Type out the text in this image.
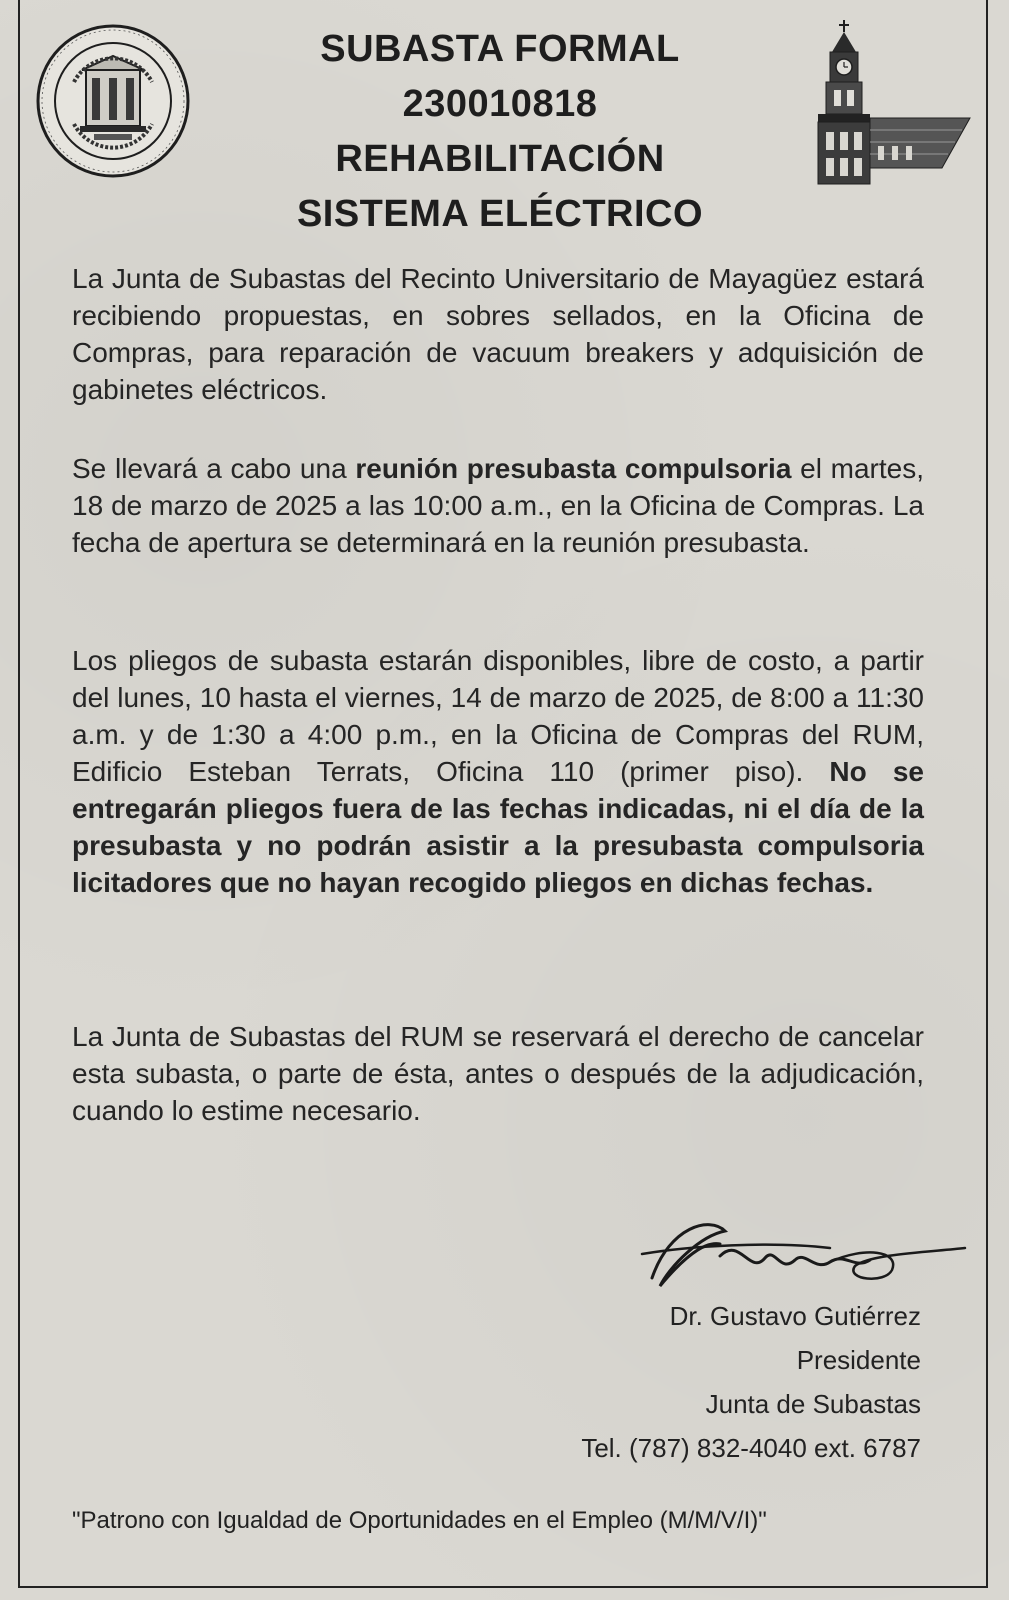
SUBASTA FORMAL
230010818
REHABILITACIÓN
SISTEMA ELÉCTRICO
La Junta de Subastas del Recinto Universitario de Mayagüez estará recibiendo propuestas, en sobres sellados, en la Oficina de Compras, para reparación de vacuum breakers y adquisición de gabinetes eléctricos.
Se llevará a cabo una reunión presubasta compulsoria el martes, 18 de marzo de 2025 a las 10:00 a.m., en la Oficina de Compras. La fecha de apertura se determinará en la reunión presubasta.
Los pliegos de subasta estarán disponibles, libre de costo, a partir del lunes, 10 hasta el viernes, 14 de marzo de 2025, de 8:00 a 11:30 a.m. y de 1:30 a 4:00 p.m., en la Oficina de Compras del RUM, Edificio Esteban Terrats, Oficina 110 (primer piso). No se entregarán pliegos fuera de las fechas indicadas, ni el día de la presubasta y no podrán asistir a la presubasta compulsoria licitadores que no hayan recogido pliegos en dichas fechas.
La Junta de Subastas del RUM se reservará el derecho de cancelar esta subasta, o parte de ésta, antes o después de la adjudicación, cuando lo estime necesario.
Dr. Gustavo Gutiérrez
Presidente
Junta de Subastas
Tel. (787) 832-4040 ext. 6787
"Patrono con Igualdad de Oportunidades en el Empleo (M/M/V/I)"
